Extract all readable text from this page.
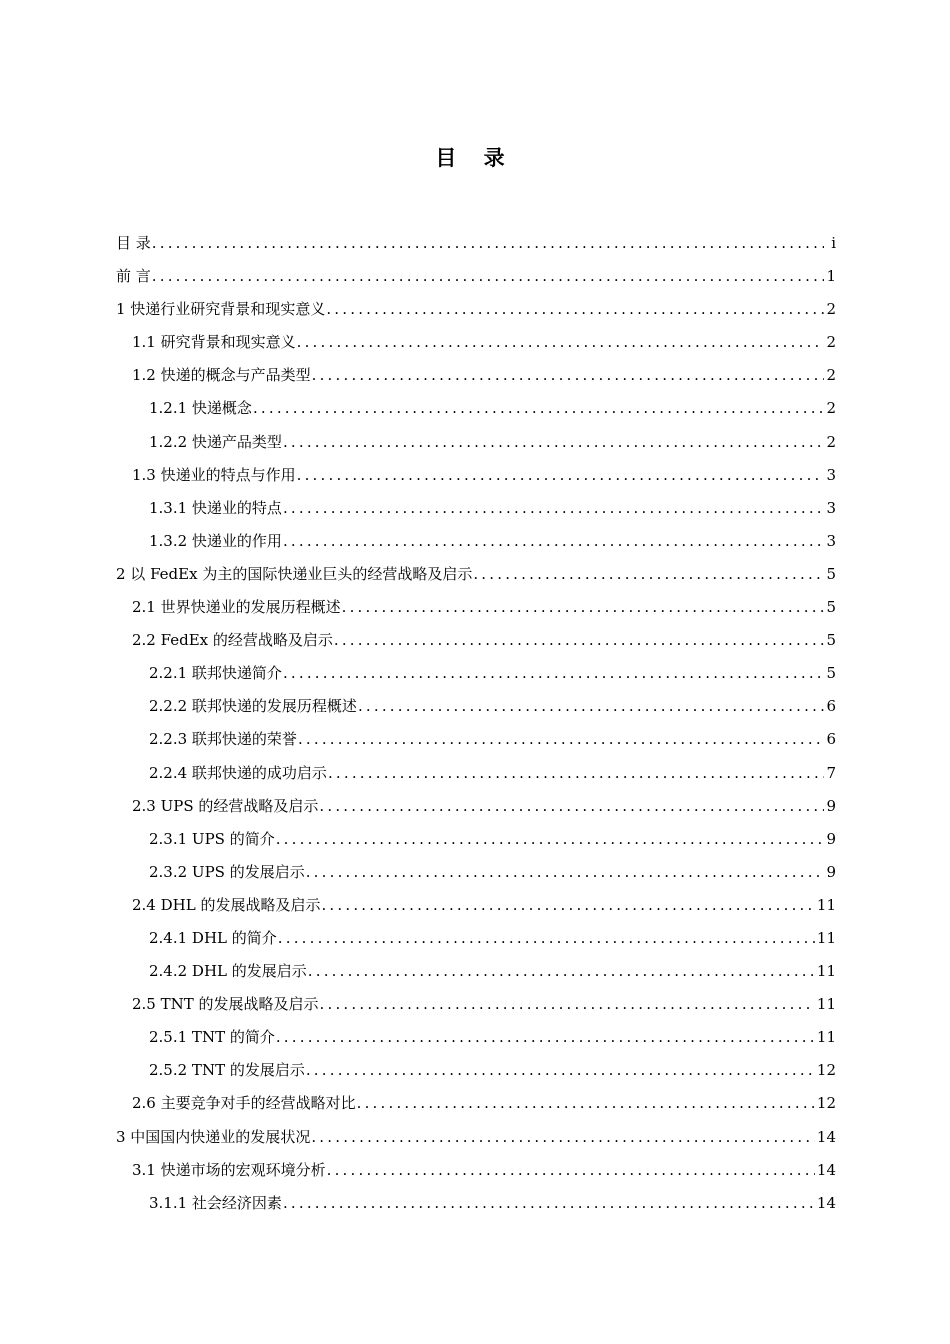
目 录
目 录 .....	i
前 言 .....	1
1 快递行业研究背景和现实意义 .....	2
1.1 研究背景和现实意义 .....	2
1.2 快递的概念与产品类型 .....	2
1.2.1 快递概念 .....	2
1.2.2 快递产品类型 .....	2
1.3 快递业的特点与作用 .....	3
1.3.1 快递业的特点 .....	3
1.3.2 快递业的作用 .....	3
2 以 FedEx 为主的国际快递业巨头的经营战略及启示 .....	5
2.1 世界快递业的发展历程概述 .....	5
2.2 FedEx 的经营战略及启示 .....	5
2.2.1 联邦快递简介 .....	5
2.2.2 联邦快递的发展历程概述 .....	6
2.2.3 联邦快递的荣誉 .....	6
2.2.4 联邦快递的成功启示 .....	7
2.3 UPS 的经营战略及启示 .....	9
2.3.1 UPS 的简介 .....	9
2.3.2 UPS 的发展启示 .....	9
2.4 DHL 的发展战略及启示 .....	11
2.4.1 DHL 的简介 .....	11
2.4.2 DHL 的发展启示 .....	11
2.5 TNT 的发展战略及启示 .....	11
2.5.1 TNT 的简介 .....	11
2.5.2 TNT 的发展启示 .....	12
2.6 主要竞争对手的经营战略对比 .....	12
3 中国国内快递业的发展状况 .....	14
3.1 快递市场的宏观环境分析 .....	14
3.1.1 社会经济因素 .....	14
